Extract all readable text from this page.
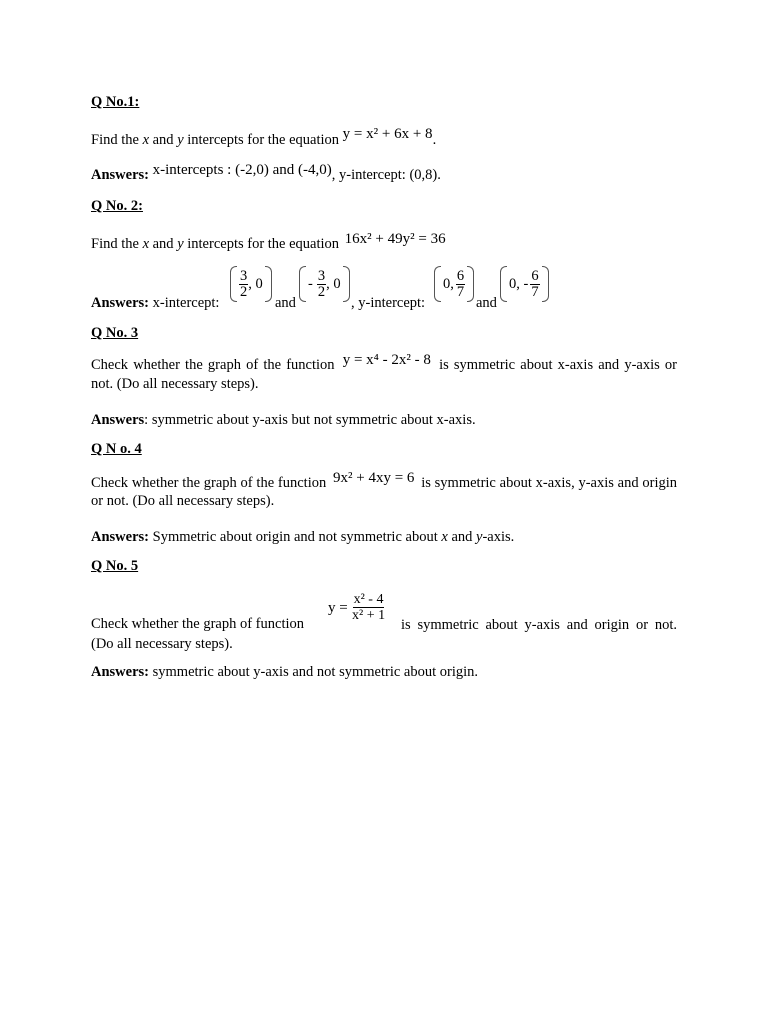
Q No.1:
Find the x and y intercepts for the equation y = x² + 6x + 8.
Answers: x-intercepts : (-2,0) and (-4,0), y-intercept: (0,8).
Q No. 2:
Find the x and y intercepts for the equation 16x² + 49y² = 36
Answers: x-intercept:
$\frac{3}{2}$ , 0
and
- $\frac{3}{2}$ , 0
, y-intercept:
0, $\frac{6}{7}$
and
0, - $\frac{6}{7}$
Q No. 3
Check whether the graph of the function y = x⁴ - 2x² - 8 is symmetric about x-axis and y-axis or not. (Do all necessary steps).
Answers: symmetric about y-axis but not symmetric about x-axis.
Q N o. 4
Check whether the graph of the function 9x² + 4xy = 6 is symmetric about x-axis, y-axis and origin or not. (Do all necessary steps).
Answers: Symmetric about origin and not symmetric about x and y-axis.
Q No. 5
Check whether the graph of function
$y = \frac{\text{x² - 4}}{\text{x² + 1}}$
is symmetric about y-axis and origin or not. (Do all necessary steps).
Answers: symmetric about y-axis and not symmetric about origin.
